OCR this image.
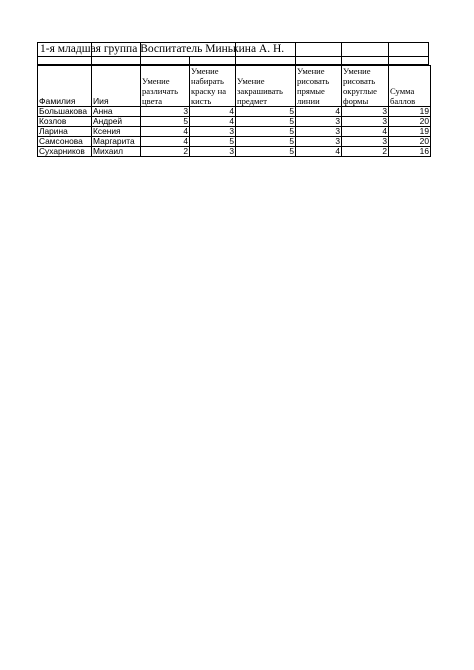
1-я младшая группа Воспитатель Минькина А. Н.
Фамилия	Иия	Умение различать цвета	Умение набирать краску на кисть	Умение закрашивать предмет	Умение рисовать прямые линии	Умение рисовать округлые формы	Сумма баллов
Большакова	Анна	3	4	5	4	3	19
Козлов	Андрей	5	4	5	3	3	20
Ларина	Ксения	4	3	5	3	4	19
Самсонова	Маргарита	4	5	5	3	3	20
Сухарников	Михаил	2	3	5	4	2	16
